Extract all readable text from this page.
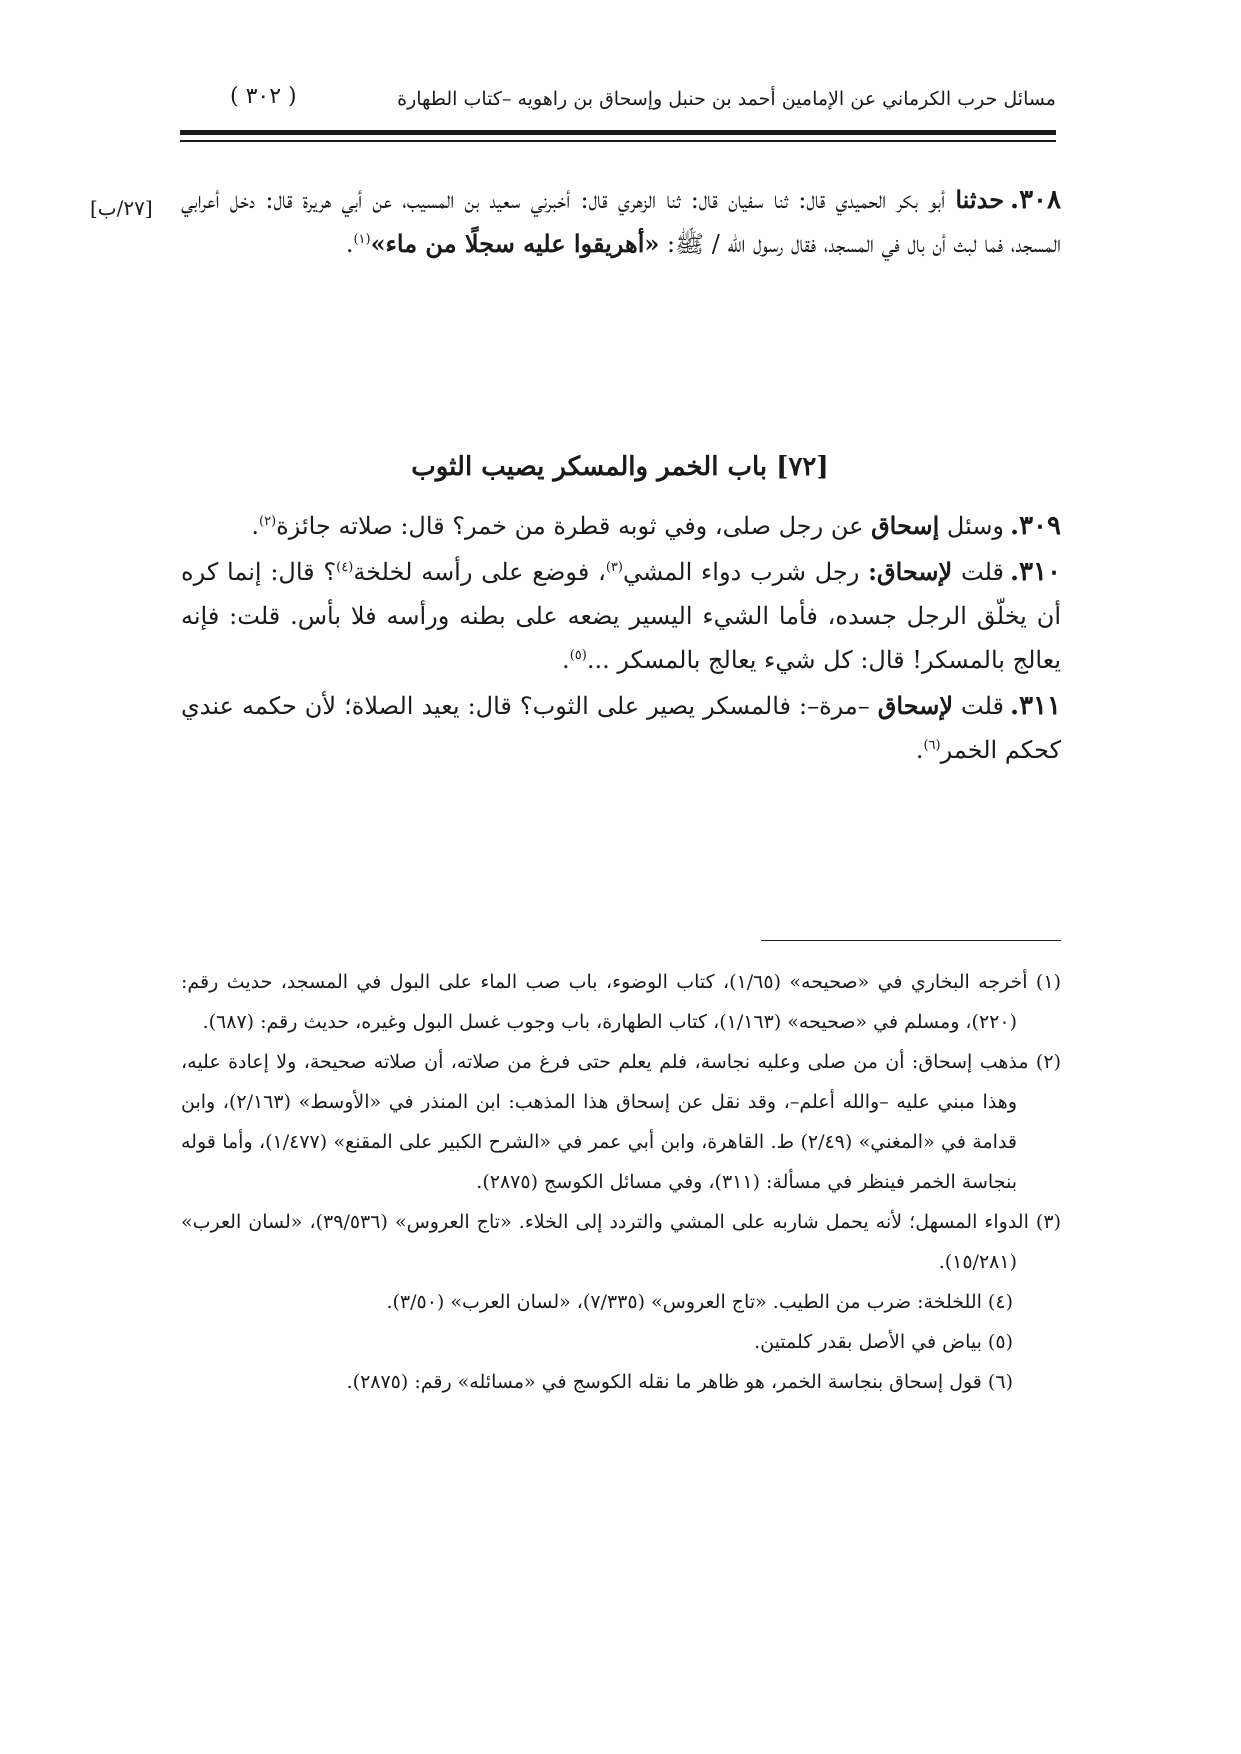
مسائل حرب الكرماني عن الإمامين أحمد بن حنبل وإسحاق بن راهويه –كتاب الطهارة
( ٣٠٢ )
[٢٧/ب]	٣٠٨.حدثنا أبو بكر الحميدي قال: ثنا سفيان قال: ثنا الزهري قال: أخبرني سعيد بن المسيب، عن أبي هريرة قال: دخل أعرابي المسجد، فما لبث أن بال في المسجد، فقال رسول الله / ﷺ: «أهريقوا عليه سجلًا من ماء»$^{(١)}$.
[٧٢] باب الخمر والمسكر يصيب الثوب
٣٠٩.وسئل إسحاق عن رجل صلى، وفي ثوبه قطرة من خمر؟ قال: صلاته جائزة$^{(٢)}$.
٣١٠.قلت لإسحاق: رجل شرب دواء المشي$^{(٣)}$، فوضع على رأسه لخلخة$^{(٤)}$؟ قال: إنما كره أن يخلّق الرجل جسده، فأما الشيء اليسير يضعه على بطنه ورأسه فلا بأس. قلت: فإنه يعالج بالمسكر! قال: كل شيء يعالج بالمسكر ...$^{(٥)}$.
٣١١.قلت لإسحاق –مرة–: فالمسكر يصير على الثوب؟ قال: يعيد الصلاة؛ لأن حكمه عندي كحكم الخمر$^{(٦)}$.
(١) أخرجه البخاري في «صحيحه» (١/٦٥)، كتاب الوضوء، باب صب الماء على البول في المسجد، حديث رقم: (٢٢٠)، ومسلم في «صحيحه» (١/١٦٣)، كتاب الطهارة، باب وجوب غسل البول وغيره، حديث رقم: (٦٨٧).
(٢) مذهب إسحاق: أن من صلى وعليه نجاسة، فلم يعلم حتى فرغ من صلاته، أن صلاته صحيحة، ولا إعادة عليه، وهذا مبني عليه –والله أعلم–، وقد نقل عن إسحاق هذا المذهب: ابن المنذر في «الأوسط» (٢/١٦٣)، وابن قدامة في «المغني» (٢/٤٩) ط. القاهرة، وابن أبي عمر في «الشرح الكبير على المقنع» (١/٤٧٧)، وأما قوله بنجاسة الخمر فينظر في مسألة: (٣١١)، وفي مسائل الكوسج (٢٨٧٥).
(٣) الدواء المسهل؛ لأنه يحمل شاربه على المشي والتردد إلى الخلاء. «تاج العروس» (٣٩/٥٣٦)، «لسان العرب» (١٥/٢٨١).
(٤) اللخلخة: ضرب من الطيب. «تاج العروس» (٧/٣٣٥)، «لسان العرب» (٣/٥٠).
(٥) بياض في الأصل بقدر كلمتين.
(٦) قول إسحاق بنجاسة الخمر، هو ظاهر ما نقله الكوسج في «مسائله» رقم: (٢٨٧٥).
